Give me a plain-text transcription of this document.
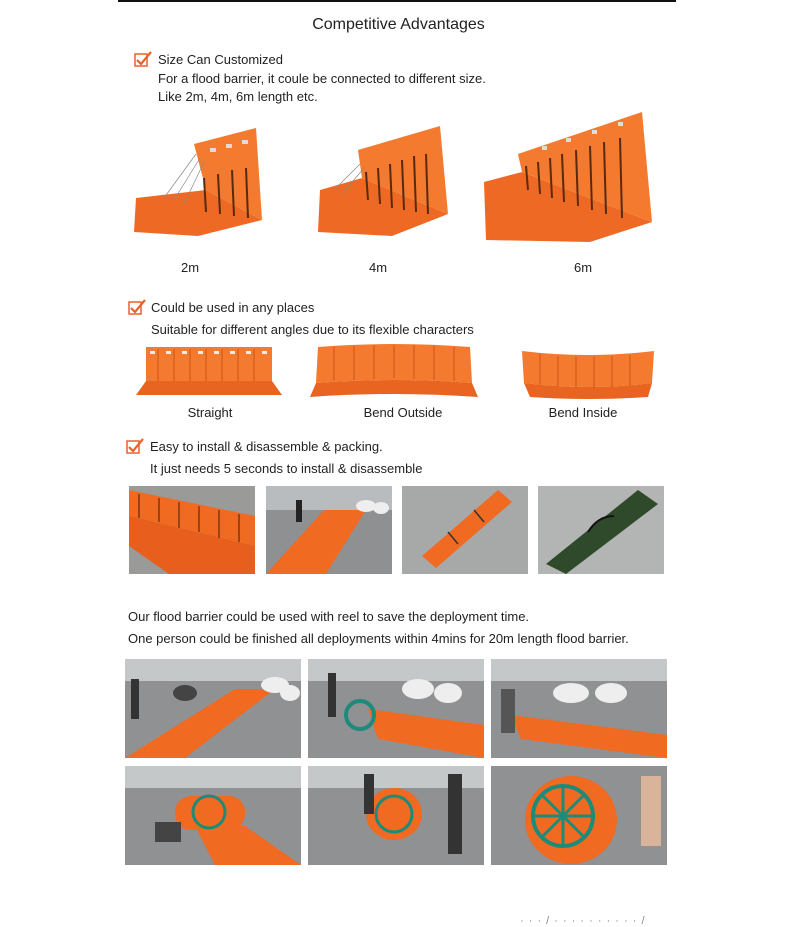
Competitive Advantages
Size Can Customized
For a flood barrier, it coule be connected to different size.
Like 2m, 4m, 6m length etc.
2m	4m	6m
Could be used in any places
Suitable for different angles due to its flexible characters
Straight	Bend Outside	Bend Inside
Easy to install & disassemble & packing.
It just needs 5 seconds to install & disassemble
Our flood barrier could be used with reel to save the deployment time.
One person could be finished all deployments within 4mins for 20m length flood barrier.
· · · / · · · · · · · · · · /
